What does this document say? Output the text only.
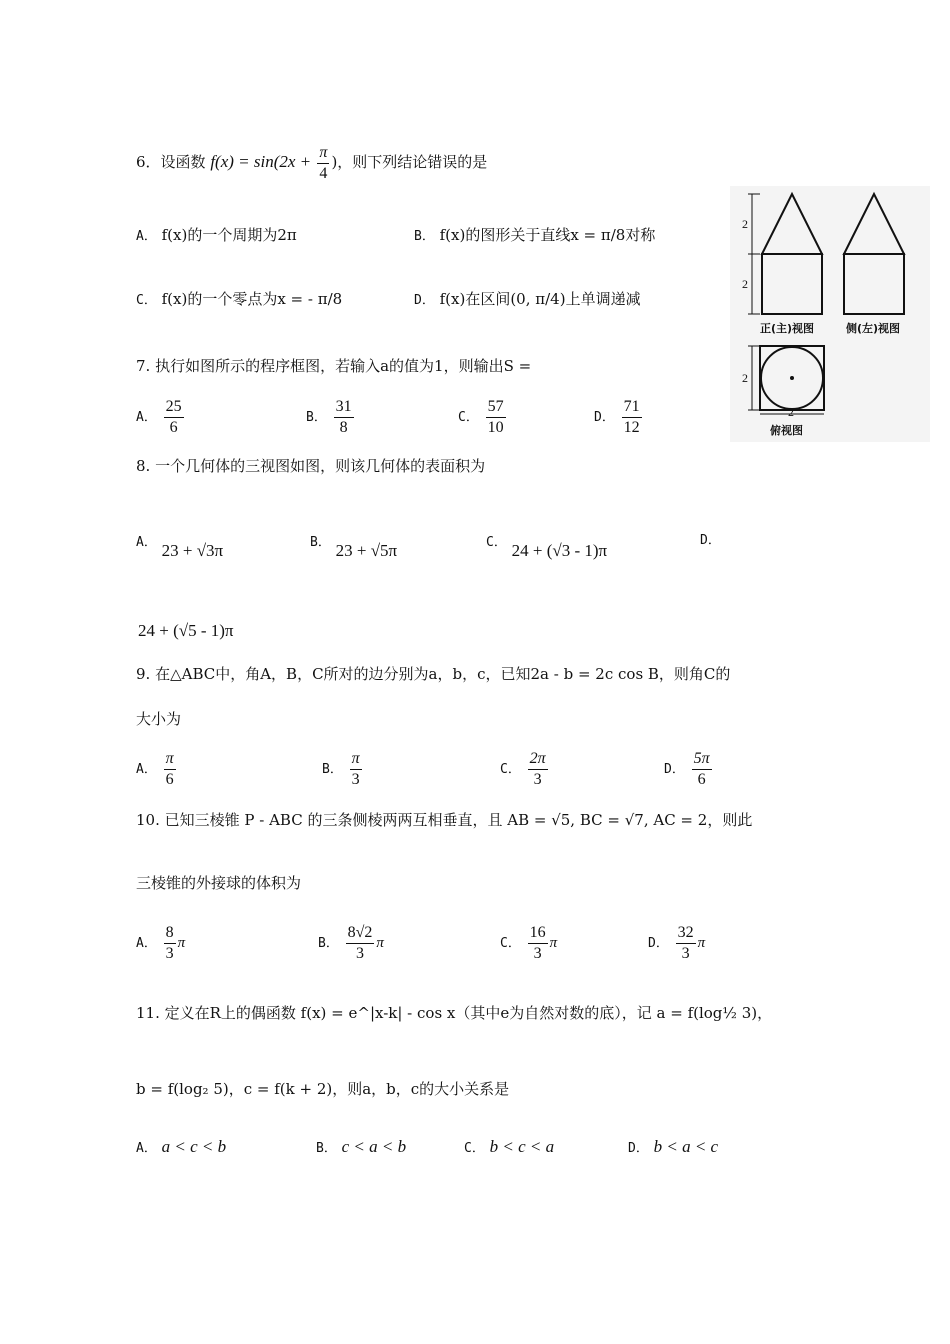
6．设函数 $f(x) = \sin(2x + \frac{\pi}{4}$ )，则下列结论错误的是
A． f(x)的一个周期为2π	B． f(x)的图形关于直线x = π/8对称
C． f(x)的一个零点为x = - π/8	D． f(x)在区间(0, π/4)上单调递减
7. 执行如图所示的程序框图，若输入a的值为1，则输出S =
A． $\frac{25}{6}$	B． $\frac{31}{8}$	C． $\frac{57}{10}$	D． $\frac{71}{12}$
8. 一个几何体的三视图如图，则该几何体的表面积为
A． 23 + √3π	B． 23 + √5π	C． 24 + (√3 - 1)π
D．
24 + (√5 - 1)π
9. 在△ABC中，角A，B，C所对的边分别为a，b，c，已知2a - b = 2c cos B，则角C的
大小为
A． $\frac{\pi}{6}$	B． $\frac{\pi}{3}$	C． $\frac{2\pi}{3}$	D． $\frac{5\pi}{6}$
10. 已知三棱锥 P - ABC 的三条侧棱两两互相垂直，且 AB = √5, BC = √7, AC = 2，则此
三棱锥的外接球的体积为
A． $\frac{8}{3}$ π	B． $\frac{8√2}{3}$ π	C． $\frac{16}{3}$ π	D． $\frac{32}{3}$ π
11. 定义在R上的偶函数 f(x) = e^|x-k| - cos x（其中e为自然对数的底），记 a = f(log½ 3)，
b = f(log₂ 5)，c = f(k + 2)，则a，b，c的大小关系是
A． a < c < b	B． c < a < b	C． b < c < a	D． b < a < c
2
2
2
2
正(主)视图	侧(左)视图
俯视图
